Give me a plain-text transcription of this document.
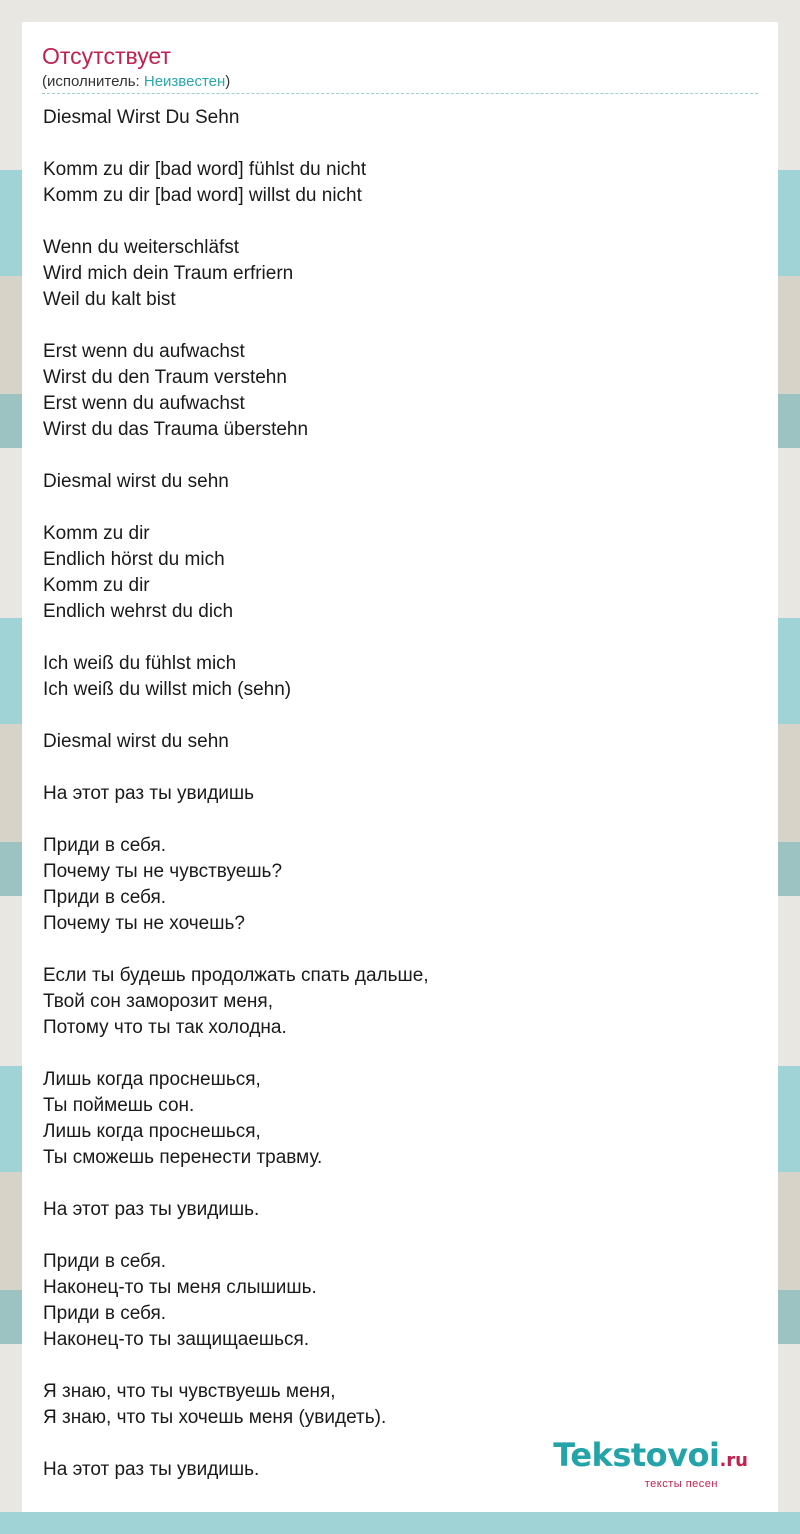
Отсутствует
(исполнитель: Неизвестен)
Diesmal Wirst Du Sehn
Komm zu dir [bad word] fühlst du nicht
Komm zu dir [bad word] willst du nicht
Wenn du weiterschläfst
Wird mich dein Traum erfriern
Weil du kalt bist
Erst wenn du aufwachst
Wirst du den Traum verstehn
Erst wenn du aufwachst
Wirst du das Trauma überstehn
Diesmal wirst du sehn
Komm zu dir
Endlich hörst du mich
Komm zu dir
Endlich wehrst du dich
Ich weiß du fühlst mich
Ich weiß du willst mich (sehn)
Diesmal wirst du sehn
На этот раз ты увидишь
Приди в себя.
Почему ты не чувствуешь?
Приди в себя.
Почему ты не хочешь?
Если ты будешь продолжать спать дальше,
Твой сон заморозит меня,
Потому что ты так холодна.
Лишь когда проснешься,
Ты поймешь сон.
Лишь когда проснешься,
Ты сможешь перенести травму.
На этот раз ты увидишь.
Приди в себя.
Наконец-то ты меня слышишь.
Приди в себя.
Наконец-то ты защищаешься.
Я знаю, что ты чувствуешь меня,
Я знаю, что ты хочешь меня (увидеть).
На этот раз ты увидишь.	Tekstovoi.ru
тексты песен
